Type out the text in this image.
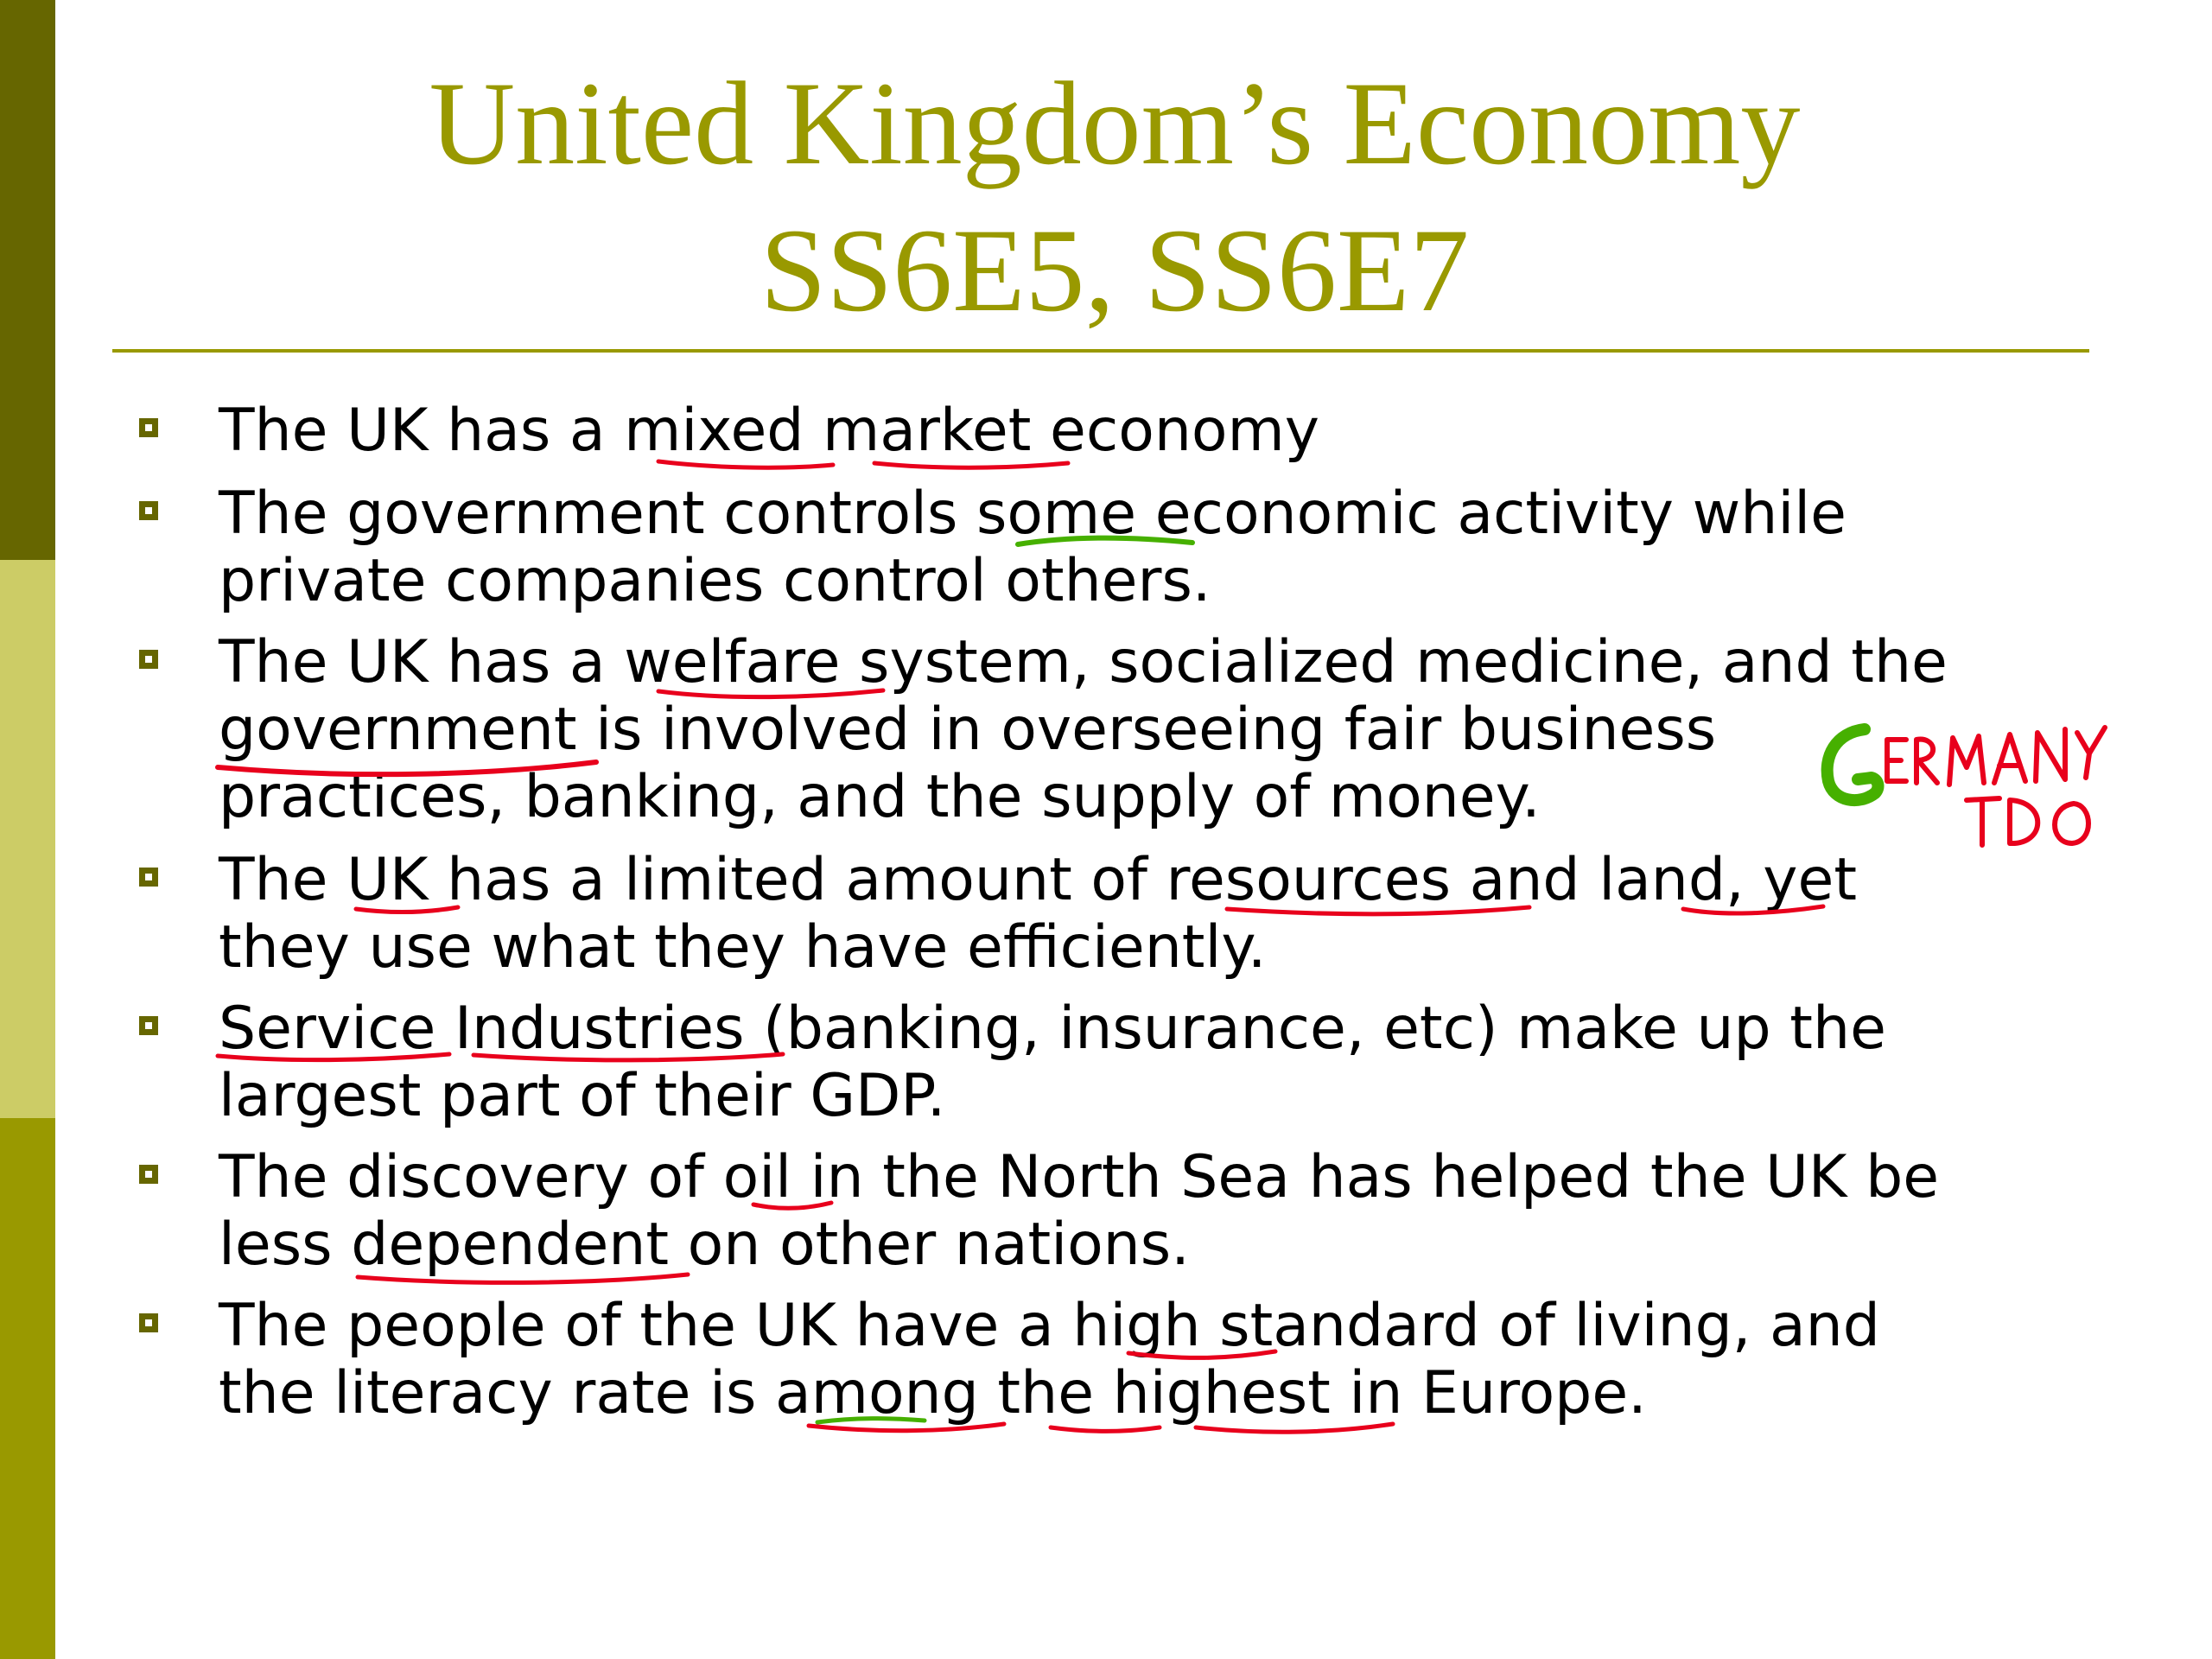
United Kingdom’s Economy
SS6E5, SS6E7
The UK has a mixed market economy
The government controls some economic activity while
private companies control others.
The UK has a welfare system, socialized medicine, and the
government is involved in overseeing fair business
practices, banking, and the supply of money.
The UK has a limited amount of resources and land, yet
they use what they have efficiently.
Service Industries (banking, insurance, etc) make up the
largest part of their GDP.
The discovery of oil in the North Sea has helped the UK be
less dependent on other nations.
The people of the UK have a high standard of living, and
the literacy rate is among the highest in Europe.
